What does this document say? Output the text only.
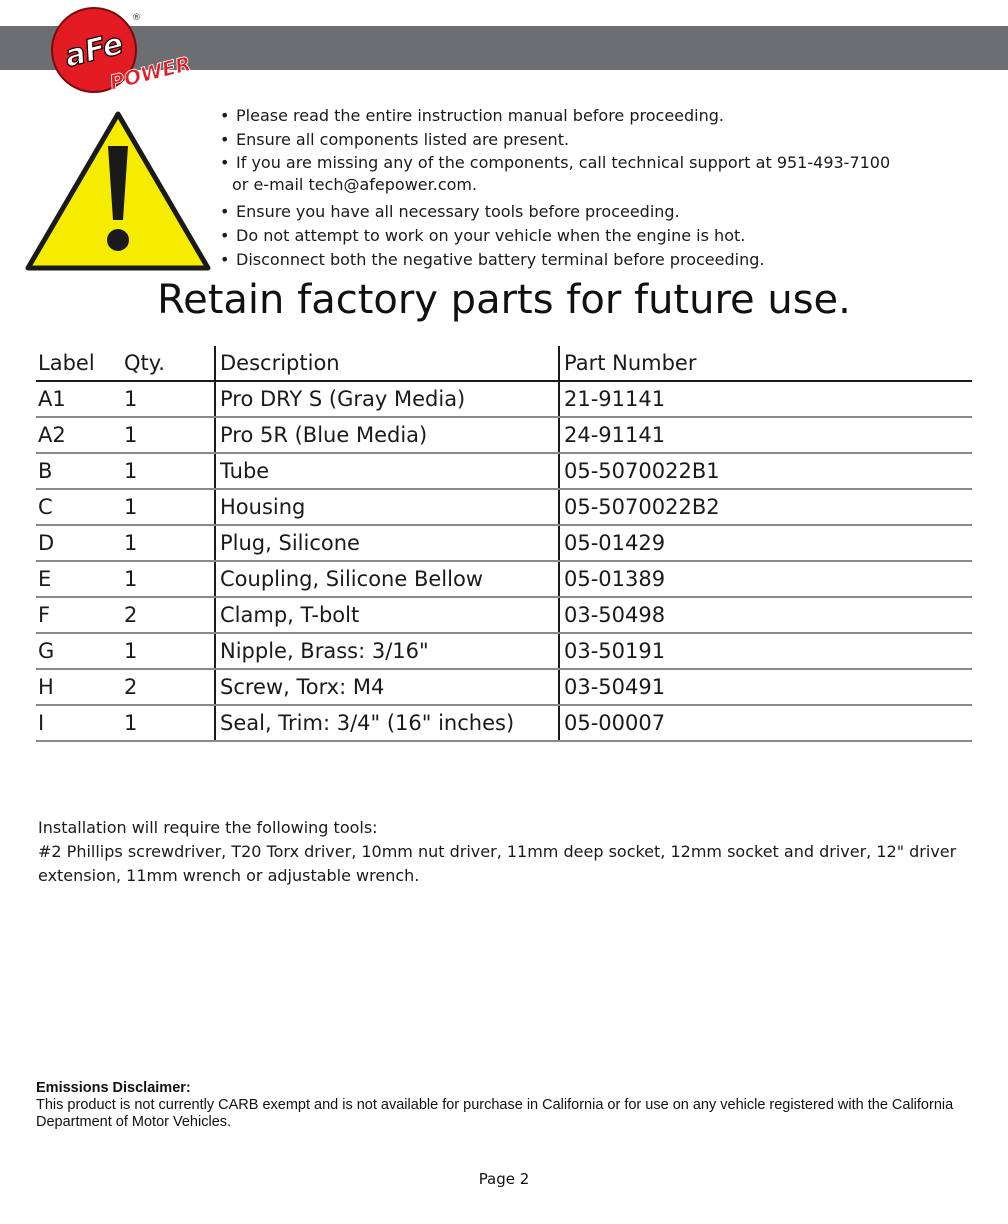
aFe
POWER
®
• Please read the entire instruction manual before proceeding.
• Ensure all components listed are present.
• If you are missing any of the components, call technical support at 951-493-7100
or e-mail tech@afepower.com.
• Ensure you have all necessary tools before proceeding.
• Do not attempt to work on your vehicle when the engine is hot.
• Disconnect both the negative battery terminal before proceeding.
Retain factory parts for future use.
Label	Qty.	Description	Part Number
A1	1	Pro DRY S (Gray Media)	21-91141
A2	1	Pro 5R (Blue Media)	24-91141
B	1	Tube	05-5070022B1
C	1	Housing	05-5070022B2
D	1	Plug, Silicone	05-01429
E	1	Coupling, Silicone Bellow	05-01389
F	2	Clamp, T-bolt	03-50498
G	1	Nipple, Brass: 3/16"	03-50191
H	2	Screw, Torx: M4	03-50491
I	1	Seal, Trim: 3/4" (16" inches)	05-00007

Installation will require the following tools:

#2 Phillips screwdriver, T20 Torx driver, 10mm nut driver, 11mm deep socket, 12mm socket and driver, 12" driver extension, 11mm wrench or adjustable wrench.

Emissions Disclaimer:

This product is not currently CARB exempt and is not available for purchase in California or for use on any vehicle registered with the California Department of Motor Vehicles.

Page 2
